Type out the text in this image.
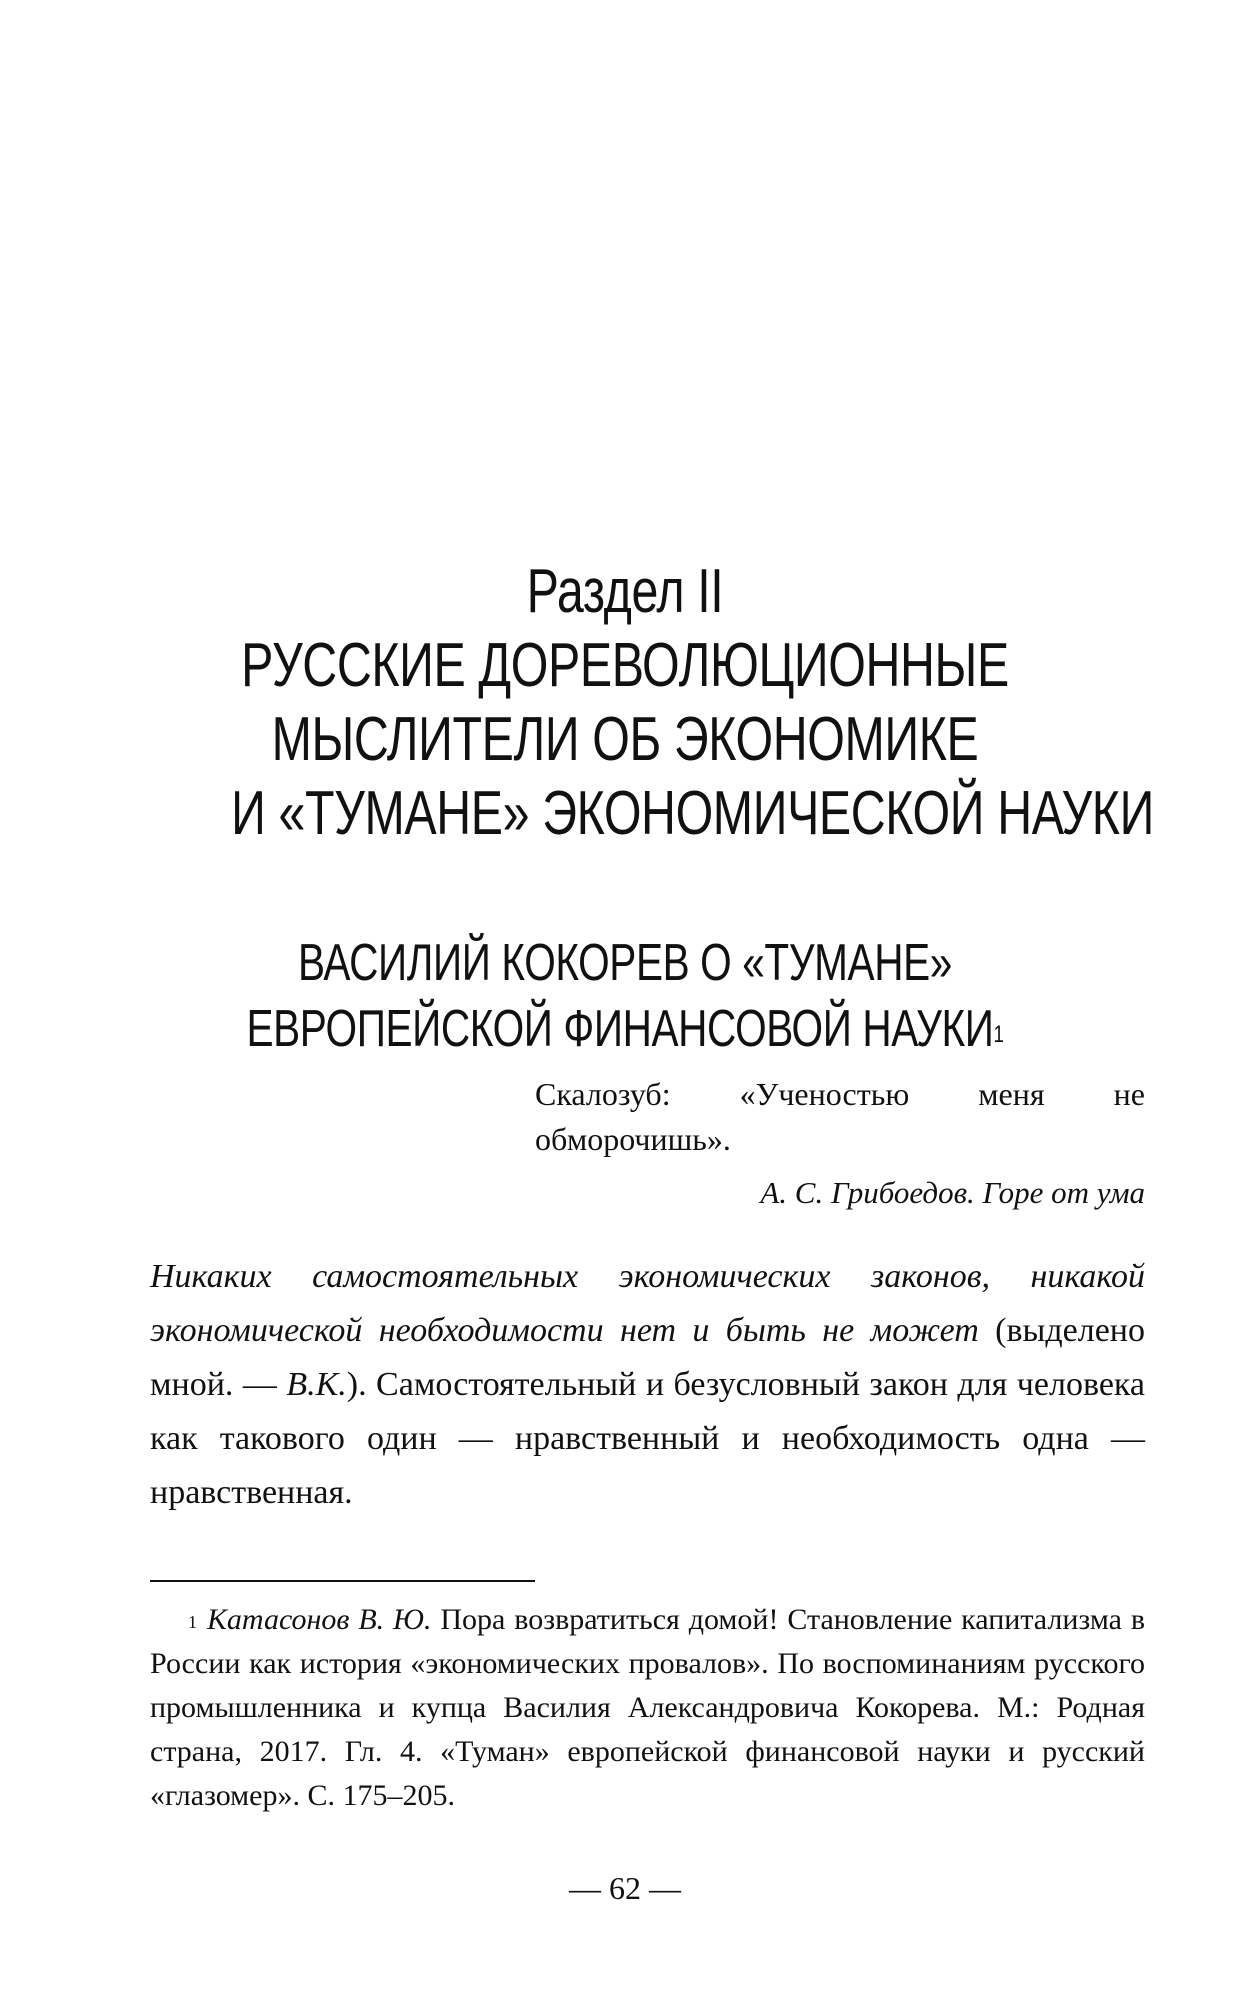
Раздел II
РУССКИЕ ДОРЕВОЛЮЦИОННЫЕ
МЫСЛИТЕЛИ ОБ ЭКОНОМИКЕ
И «ТУМАНЕ» ЭКОНОМИЧЕСКОЙ НАУКИ
ВАСИЛИЙ КОКОРЕВ О «ТУМАНЕ»
ЕВРОПЕЙСКОЙ ФИНАНСОВОЙ НАУКИ$^1$

Скалозуб: «Ученостью меня не обморочишь».

А. С. Грибоедов. Горе от ума

Никаких самостоятельных экономических законов, никакой экономической необходимости нет и быть не может (выделено мной. — В.К.). Самостоятельный и безусловный закон для человека как такового один — нравственный и необходимость одна — нравственная.

$^1$ Катасонов В. Ю. Пора возвратиться домой! Становление капитализма в России как история «экономических провалов». По воспоминаниям русского промышленника и купца Василия Александровича Кокорева. М.: Родная страна, 2017. Гл. 4. «Туман» европейской финансовой науки и русский «глазомер». С. 175–205.

— 62 —
